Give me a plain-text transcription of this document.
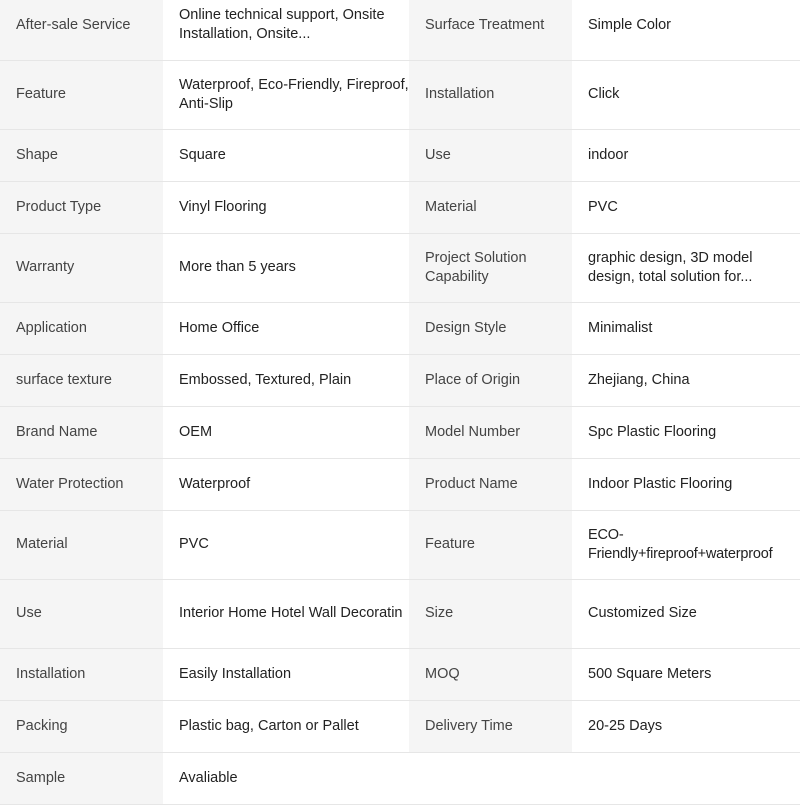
After-sale Service	Online technical support, Onsite Installation, Onsite...	Surface Treatment	Simple Color
Feature	Waterproof, Eco-Friendly, Fireproof, Anti-Slip	Installation	Click
Shape	Square	Use	indoor
Product Type	Vinyl Flooring	Material	PVC
Warranty	More than 5 years	Project Solution Capability	graphic design, 3D model design, total solution for...

Application	Home Office	Design Style	Minimalist
surface texture	Embossed, Textured, Plain	Place of Origin	Zhejiang, China
Brand Name	OEM	Model Number	Spc Plastic Flooring
Water Protection	Waterproof	Product Name	Indoor Plastic Flooring
Material	PVC	Feature	ECO-Friendly+fireproof+waterproof
Use	Interior Home Hotel Wall Decoratin	Size	Customized Size
Installation	Easily Installation	MOQ	500 Square Meters
Packing	Plastic bag, Carton or Pallet	Delivery Time	20-25 Days
Sample	Avaliable		
